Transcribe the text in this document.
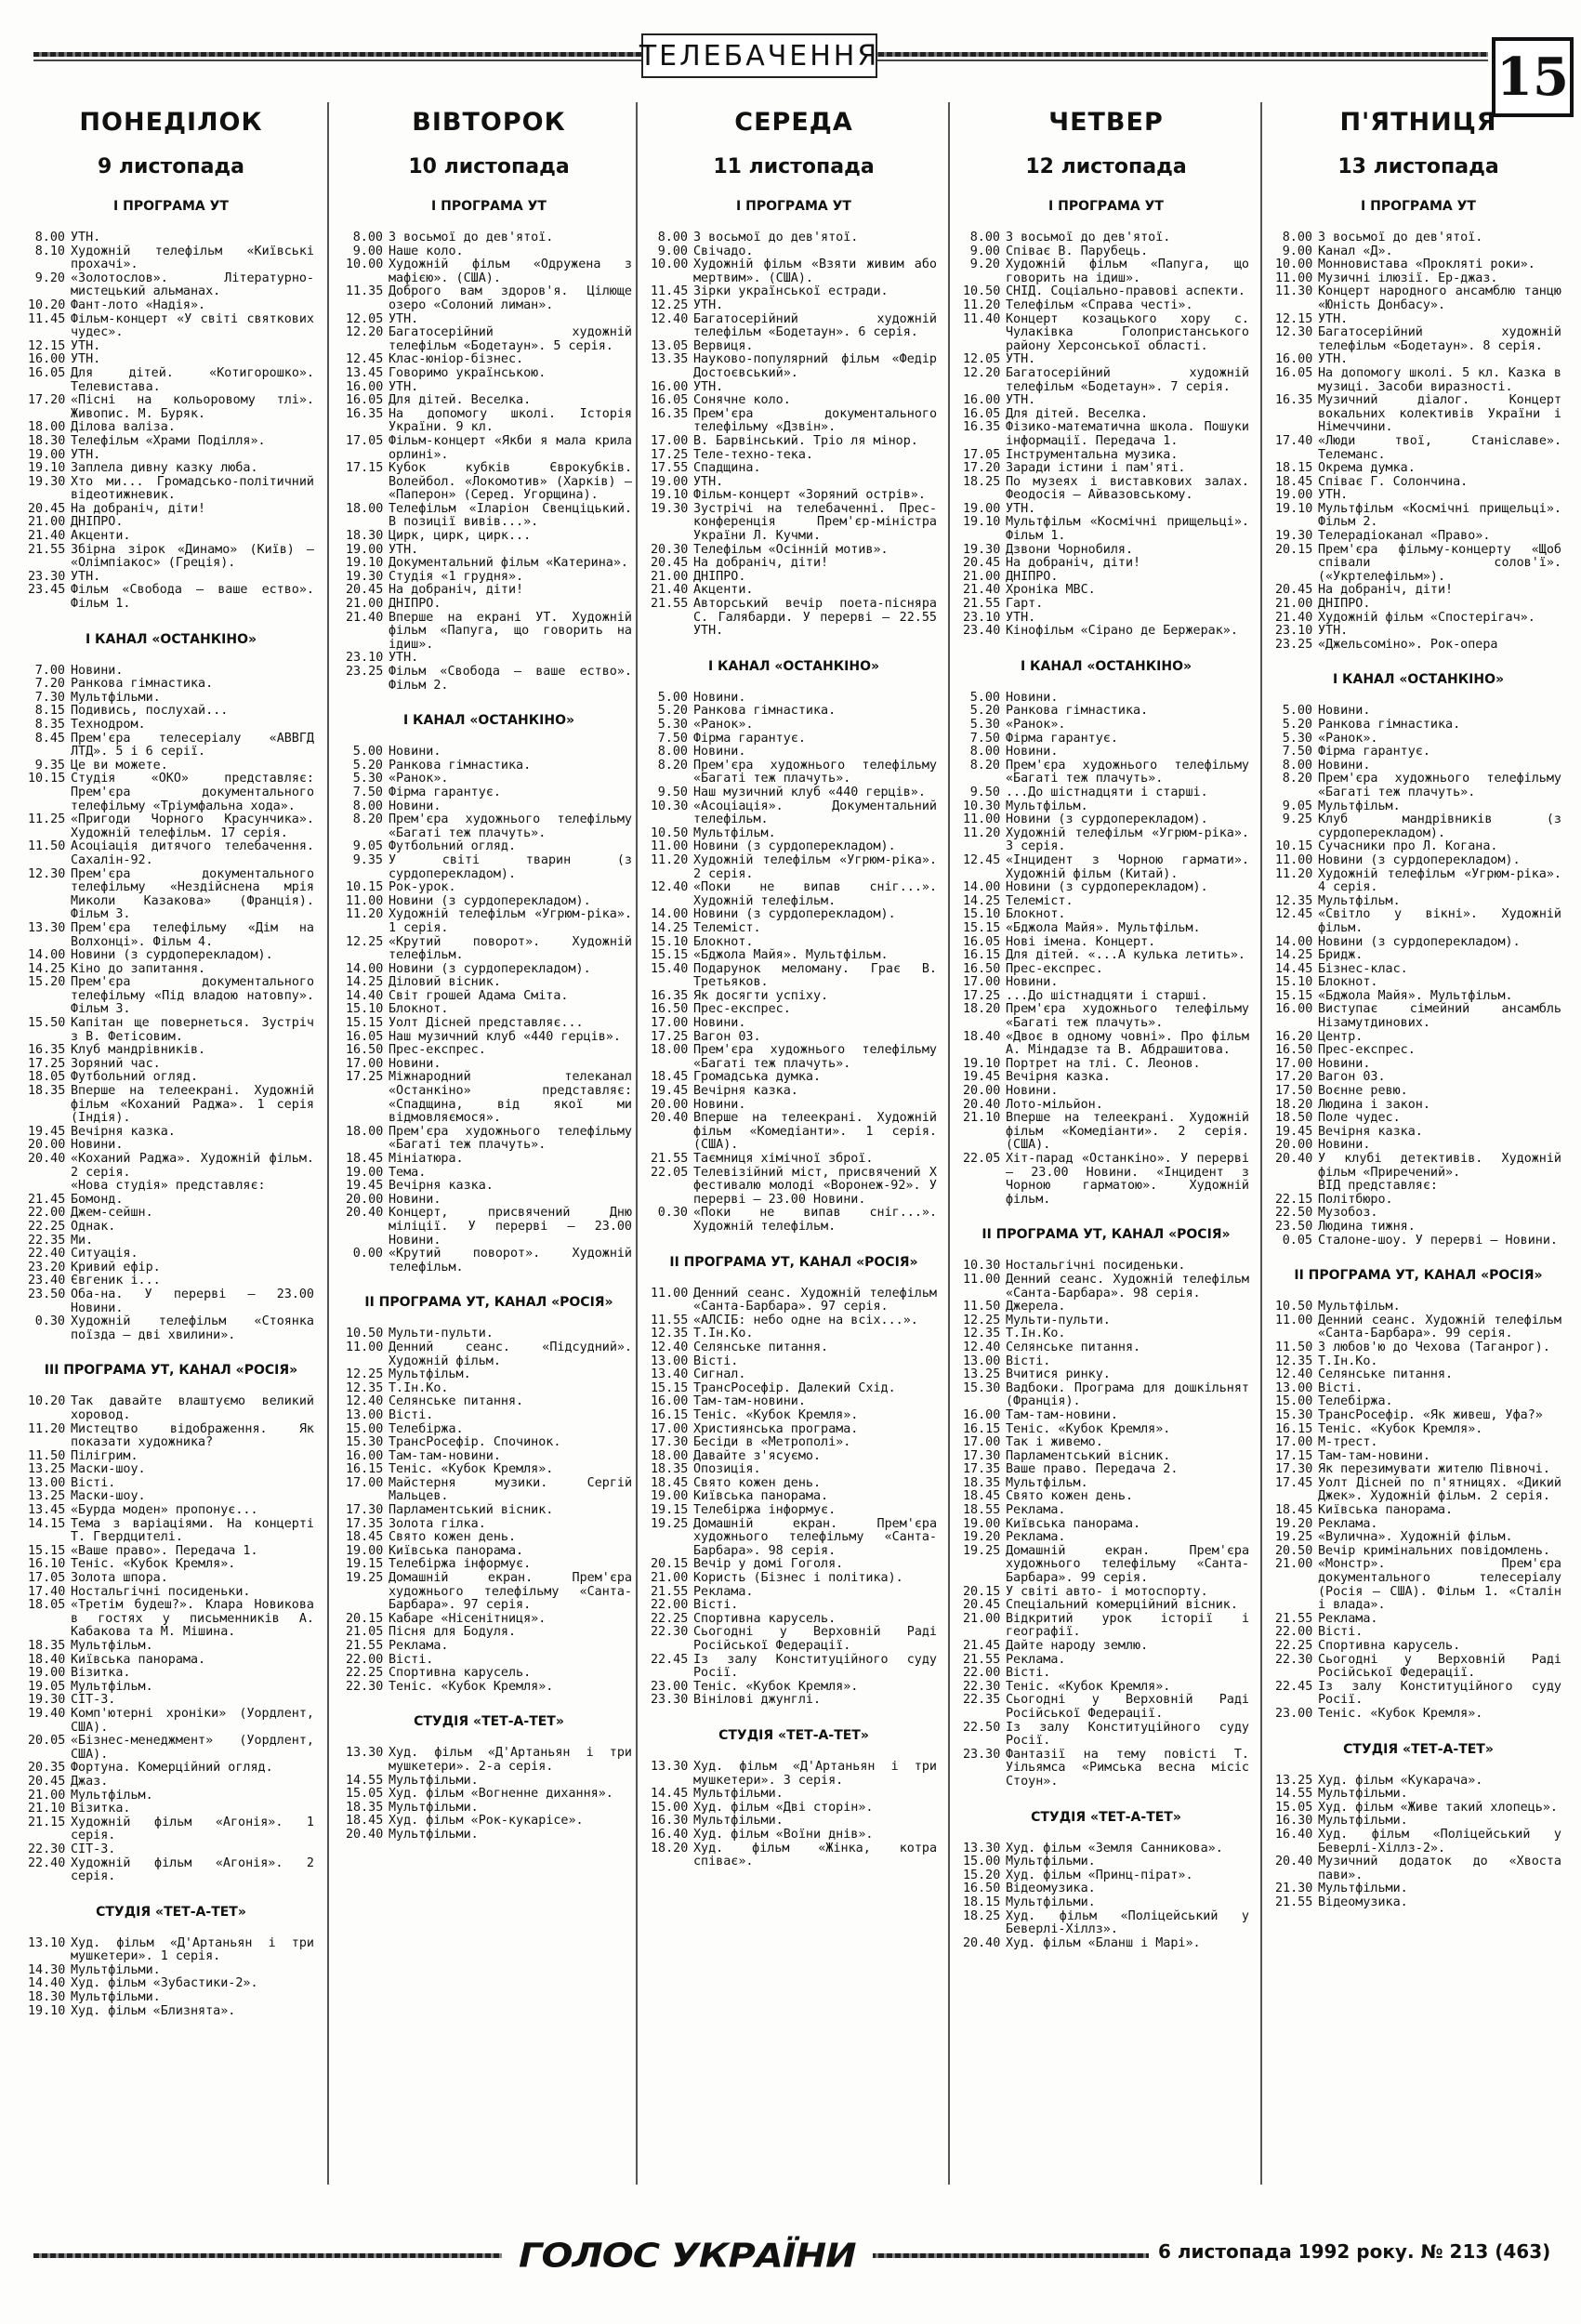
ТЕЛЕБАЧЕННЯ	15
ПОНЕДІЛОК
9 листопада
І ПРОГРАМА УТ
8.00 УТН.
8.10 Художній телефільм «Київські прохачі».
9.20 «Золотослов». Літературно-мистецький альманах.
10.20 Фант-лото «Надія».
11.45 Фільм-концерт «У світі святкових чудес».
12.15 УТН.
16.00 УТН.
16.05 Для дітей. «Котигорошко». Телевистава.
17.20 «Пісні на кольоровому тлі». Живопис. М. Буряк.
18.00 Ділова валіза.
18.30 Телефільм «Храми Поділля».
19.00 УТН.
19.10 Заплела дивну казку люба.
19.30 Хто ми... Громадсько-політичний відеотижневик.
20.45 На добраніч, діти!
21.00 ДНІПРО.
21.40 Акценти.
21.55 Збірна зірок «Динамо» (Київ) — «Олімпіакос» (Греція).
23.30 УТН.
23.45 Фільм «Свобода — ваше ество». Фільм 1.
І КАНАЛ «ОСТАНКІНО»
7.00 Новини.
7.20 Ранкова гімнастика.
7.30 Мультфільми.
8.15 Подивись, послухай...
8.35 Технодром.
8.45 Прем'єра телесеріалу «АВВГД ЛТД». 5 і 6 серії.
9.35 Це ви можете.
10.15 Студія «ОКО» представляє: Прем'єра документального телефільму «Тріумфальна хода».
11.25 «Пригоди Чорного Красунчика». Художній телефільм. 17 серія.
11.50 Асоціація дитячого телебачення. Сахалін-92.
12.30 Прем'єра документального телефільму «Нездійснена мрія Миколи Казакова» (Франція). Фільм 3.
13.30 Прем'єра телефільму «Дім на Волхонці». Фільм 4.
14.00 Новини (з сурдоперекладом).
14.25 Кіно до запитання.
15.20 Прем'єра документального телефільму «Під владою натовпу». Фільм 3.
15.50 Капітан ще повернеться. Зустріч з В. Фетісовим.
16.35 Клуб мандрівників.
17.25 Зоряний час.
18.05 Футбольний огляд.
18.35 Вперше на телеекрані. Художній фільм «Коханий Раджа». 1 серія (Індія).
19.45 Вечірня казка.
20.00 Новини.
20.40 «Коханий Раджа». Художній фільм. 2 серія.
«Нова студія» представляє:
21.45 Бомонд.
22.00 Джем-сейшн.
22.25 Однак.
22.35 Ми.
22.40 Ситуація.
23.20 Кривий ефір.
23.40 Євгеник і...
23.50 Оба-на. У перерві — 23.00 Новини.
0.30 Художній телефільм «Стоянка поїзда — дві хвилини».
ІІІ ПРОГРАМА УТ, КАНАЛ «РОСІЯ»
10.20 Так давайте влаштуємо великий хоровод.
11.20 Мистецтво відображення. Як показати художника?
11.50 Пілігрим.
13.25 Маски-шоу.
13.00 Вісті.
13.25 Маски-шоу.
13.45 «Бурда моден» пропонує...
14.15 Тема з варіаціями. На концерті Т. Гвердцителі.
15.15 «Ваше право». Передача 1.
16.10 Теніс. «Кубок Кремля».
17.05 Золота шпора.
17.40 Ностальгічні посиденьки.
18.05 «Третім будеш?». Клара Новикова в гостях у письменників А. Кабакова та М. Мішина.
18.35 Мультфільм.
18.40 Київська панорама.
19.00 Візитка.
19.05 Мультфільм.
19.30 СІТ-3.
19.40 Комп'ютерні хроніки» (Уордлент, США).
20.05 «Бізнес-менеджмент» (Уордлент, США).
20.35 Фортуна. Комерційний огляд.
20.45 Джаз.
21.00 Мультфільм.
21.10 Візитка.
21.15 Художній фільм «Агонія». 1 серія.
22.30 СІТ-3.
22.40 Художній фільм «Агонія». 2 серія.
СТУДІЯ «ТЕТ-А-ТЕТ»
13.10 Худ. фільм «Д'Артаньян і три мушкетери». 1 серія.
14.30 Мультфільми.
14.40 Худ. фільм «Зубастики-2».
18.30 Мультфільми.
19.10 Худ. фільм «Близнята».
ВІВТОРОК
10 листопада
І ПРОГРАМА УТ
8.00 З восьмої до дев'ятої.
9.00 Наше коло.
10.00 Художній фільм «Одружена з мафією». (США).
11.35 Доброго вам здоров'я. Цілюще озеро «Солоний лиман».
12.05 УТН.
12.20 Багатосерійний художній телефільм «Бодетаун». 5 серія.
12.45 Клас-юніор-бізнес.
13.45 Говоримо українською.
16.00 УТН.
16.05 Для дітей. Веселка.
16.35 На допомогу школі. Історія України. 9 кл.
17.05 Фільм-концерт «Якби я мала крила орлині».
17.15 Кубок кубків Єврокубків. Волейбол. «Локомотив» (Харків) — «Паперон» (Серед. Угорщина).
18.00 Телефільм «Іларіон Свенціцький. В позиції вивів...».
18.30 Цирк, цирк, цирк...
19.00 УТН.
19.10 Документальний фільм «Катерина».
19.30 Студія «1 грудня».
20.45 На добраніч, діти!
21.00 ДНІПРО.
21.40 Вперше на екрані УТ. Художній фільм «Папуга, що говорить на ідиш».
23.10 УТН.
23.25 Фільм «Свобода — ваше ество». Фільм 2.
І КАНАЛ «ОСТАНКІНО»
5.00 Новини.
5.20 Ранкова гімнастика.
5.30 «Ранок».
7.50 Фірма гарантує.
8.00 Новини.
8.20 Прем'єра художнього телефільму «Багаті теж плачуть».
9.05 Футбольний огляд.
9.35 У світі тварин (з сурдоперекладом).
10.15 Рок-урок.
11.00 Новини (з сурдоперекладом).
11.20 Художній телефільм «Угрюм-ріка». 1 серія.
12.25 «Крутий поворот». Художній телефільм.
14.00 Новини (з сурдоперекладом).
14.25 Діловий вісник.
14.40 Світ грошей Адама Сміта.
15.10 Блокнот.
15.15 Уолт Дісней представляє...
16.05 Наш музичний клуб «440 герців».
16.50 Прес-експрес.
17.00 Новини.
17.25 Міжнародний телеканал «Останкіно» представляє: «Спадщина, від якої ми відмовляємося».
18.00 Прем'єра художнього телефільму «Багаті теж плачуть».
18.45 Мініатюра.
19.00 Тема.
19.45 Вечірня казка.
20.00 Новини.
20.40 Концерт, присвячений Дню міліції. У перерві — 23.00 Новини.
0.00 «Крутий поворот». Художній телефільм.
ІІ ПРОГРАМА УТ, КАНАЛ «РОСІЯ»
10.50 Мульти-пульти.
11.00 Денний сеанс. «Підсудний». Художній фільм.
12.25 Мультфільм.
12.35 Т.Ін.Ко.
12.40 Селянське питання.
13.00 Вісті.
15.00 Телебіржа.
15.30 ТрансРосефір. Спочинок.
16.00 Там-там-новини.
16.15 Теніс. «Кубок Кремля».
17.00 Майстерня музики. Сергій Мальцев.
17.30 Парламентський вісник.
17.35 Золота гілка.
18.45 Свято кожен день.
19.00 Київська панорама.
19.15 Телебіржа інформує.
19.25 Домашній екран. Прем'єра художнього телефільму «Санта-Барбара». 97 серія.
20.15 Кабаре «Нісенітниця».
21.05 Пісня для Бодуля.
21.55 Реклама.
22.00 Вісті.
22.25 Спортивна карусель.
22.30 Теніс. «Кубок Кремля».
СТУДІЯ «ТЕТ-А-ТЕТ»
13.30 Худ. фільм «Д'Артаньян і три мушкетери». 2-а серія.
14.55 Мультфільми.
15.05 Худ. фільм «Вогненне дихання».
18.35 Мультфільми.
18.45 Худ. фільм «Рок-кукарісе».
20.40 Мультфільми.
СЕРЕДА
11 листопада
І ПРОГРАМА УТ
8.00 З восьмої до дев'ятої.
9.00 Свічадо.
10.00 Художній фільм «Взяти живим або мертвим». (США).
11.45 Зірки української естради.
12.25 УТН.
12.40 Багатосерійний художній телефільм «Бодетаун». 6 серія.
13.05 Вервиця.
13.35 Науково-популярний фільм «Федір Достоєвський».
16.00 УТН.
16.05 Сонячне коло.
16.35 Прем'єра документального телефільму «Дзвін».
17.00 В. Барвінський. Тріо ля мінор.
17.25 Теле-техно-тека.
17.55 Спадщина.
19.00 УТН.
19.10 Фільм-концерт «Зоряний острів».
19.30 Зустрічі на телебаченні. Прес-конференція Прем'єр-міністра України Л. Кучми.
20.30 Телефільм «Осінній мотив».
20.45 На добраніч, діти!
21.00 ДНІПРО.
21.40 Акценти.
21.55 Авторський вечір поета-пісняра С. Галябарди. У перерві — 22.55 УТН.
І КАНАЛ «ОСТАНКІНО»
5.00 Новини.
5.20 Ранкова гімнастика.
5.30 «Ранок».
7.50 Фірма гарантує.
8.00 Новини.
8.20 Прем'єра художнього телефільму «Багаті теж плачуть».
9.50 Наш музичний клуб «440 герців».
10.30 «Асоціація». Документальний телефільм.
10.50 Мультфільм.
11.00 Новини (з сурдоперекладом).
11.20 Художній телефільм «Угрюм-ріка». 2 серія.
12.40 «Поки не випав сніг...». Художній телефільм.
14.00 Новини (з сурдоперекладом).
14.25 Телеміст.
15.10 Блокнот.
15.15 «Бджола Майя». Мультфільм.
15.40 Подарунок меломану. Грає В. Третьяков.
16.35 Як досягти успіху.
16.50 Прес-експрес.
17.00 Новини.
17.25 Вагон 03.
18.00 Прем'єра художнього телефільму «Багаті теж плачуть».
18.45 Громадська думка.
19.45 Вечірня казка.
20.00 Новини.
20.40 Вперше на телеекрані. Художній фільм «Комедіанти». 1 серія. (США).
21.55 Таємниця хімічної зброї.
22.05 Телевізійний міст, присвячений Х фестивалю молоді «Воронеж-92». У перерві — 23.00 Новини.
0.30 «Поки не випав сніг...». Художній телефільм.
ІІ ПРОГРАМА УТ, КАНАЛ «РОСІЯ»
11.00 Денний сеанс. Художній телефільм «Санта-Барбара». 97 серія.
11.55 «АЛСІБ: небо одне на всіх...».
12.35 Т.Ін.Ко.
12.40 Селянське питання.
13.00 Вісті.
13.40 Сигнал.
15.15 ТрансРосефір. Далекий Схід.
16.00 Там-там-новини.
16.15 Теніс. «Кубок Кремля».
17.00 Християнська програма.
17.30 Бесіди в «Метрополі».
18.00 Давайте з'ясуємо.
18.35 Опозиція.
18.45 Свято кожен день.
19.00 Київська панорама.
19.15 Телебіржа інформує.
19.25 Домашній екран. Прем'єра художнього телефільму «Санта-Барбара». 98 серія.
20.15 Вечір у домі Гоголя.
21.00 Користь (Бізнес і політика).
21.55 Реклама.
22.00 Вісті.
22.25 Спортивна карусель.
22.30 Сьогодні у Верховній Раді Російської Федерації.
22.45 Із залу Конституційного суду Росії.
23.00 Теніс. «Кубок Кремля».
23.30 Вінілові джунглі.
СТУДІЯ «ТЕТ-А-ТЕТ»
13.30 Худ. фільм «Д'Артаньян і три мушкетери». 3 серія.
14.45 Мультфільми.
15.00 Худ. фільм «Дві сторін».
16.30 Мультфільми.
16.40 Худ. фільм «Воїни днів».
18.20 Худ. фільм «Жінка, котра співає».
ЧЕТВЕР
12 листопада
І ПРОГРАМА УТ
8.00 З восьмої до дев'ятої.
9.00 Співає В. Парубець.
9.20 Художній фільм «Папуга, що говорить на ідиш».
10.50 СНІД. Соціально-правові аспекти.
11.20 Телефільм «Справа честі».
11.40 Концерт козацького хору с. Чулаківка Голопристанського району Херсонської області.
12.05 УТН.
12.20 Багатосерійний художній телефільм «Бодетаун». 7 серія.
16.00 УТН.
16.05 Для дітей. Веселка.
16.35 Фізико-математична школа. Пошуки інформації. Передача 1.
17.05 Інструментальна музика.
17.20 Заради істини і пам'яті.
18.25 По музеях і виставкових залах. Феодосія — Айвазовському.
19.00 УТН.
19.10 Мультфільм «Космічні прищельці». Фільм 1.
19.30 Дзвони Чорнобиля.
20.45 На добраніч, діти!
21.00 ДНІПРО.
21.40 Хроніка МВС.
21.55 Гарт.
23.10 УТН.
23.40 Кінофільм «Сірано де Бержерак».
І КАНАЛ «ОСТАНКІНО»
5.00 Новини.
5.20 Ранкова гімнастика.
5.30 «Ранок».
7.50 Фірма гарантує.
8.00 Новини.
8.20 Прем'єра художнього телефільму «Багаті теж плачуть».
9.50 ...До шістнадцяти і старші.
10.30 Мультфільм.
11.00 Новини (з сурдоперекладом).
11.20 Художній телефільм «Угрюм-ріка». 3 серія.
12.45 «Інцидент з Чорною гармати». Художній фільм (Китай).
14.00 Новини (з сурдоперекладом).
14.25 Телеміст.
15.10 Блокнот.
15.15 «Бджола Майя». Мультфільм.
16.05 Нові імена. Концерт.
16.15 Для дітей. «...А кулька летить».
16.50 Прес-експрес.
17.00 Новини.
17.25 ...До шістнадцяти і старші.
18.20 Прем'єра художнього телефільму «Багаті теж плачуть».
18.40 «Двоє в одному човні». Про фільм А. Міндадзе та В. Абдрашитова.
19.10 Портрет на тлі. С. Леонов.
19.45 Вечірня казка.
20.00 Новини.
20.40 Лото-мільйон.
21.10 Вперше на телеекрані. Художній фільм «Комедіанти». 2 серія. (США).
22.05 Хіт-парад «Останкіно». У перерві — 23.00 Новини. «Інцидент з Чорною гарматою». Художній фільм.
ІІ ПРОГРАМА УТ, КАНАЛ «РОСІЯ»
10.30 Ностальгічні посиденьки.
11.00 Денний сеанс. Художній телефільм «Санта-Барбара». 98 серія.
11.50 Джерела.
12.25 Мульти-пульти.
12.35 Т.Ін.Ко.
12.40 Селянське питання.
13.00 Вісті.
13.25 Вчитися ринку.
15.30 Вадбоки. Програма для дошкільнят (Франція).
16.00 Там-там-новини.
16.15 Теніс. «Кубок Кремля».
17.00 Так і живемо.
17.30 Парламентський вісник.
17.35 Ваше право. Передача 2.
18.35 Мультфільм.
18.45 Свято кожен день.
18.55 Реклама.
19.00 Київська панорама.
19.20 Реклама.
19.25 Домашній екран. Прем'єра художнього телефільму «Санта-Барбара». 99 серія.
20.15 У світі авто- і мотоспорту.
20.45 Спеціальний комерційний вісник.
21.00 Відкритий урок історії і географії.
21.45 Дайте народу землю.
21.55 Реклама.
22.00 Вісті.
22.30 Теніс. «Кубок Кремля».
22.35 Сьогодні у Верховній Раді Російської Федерації.
22.50 Із залу Конституційного суду Росії.
23.30 Фантазії на тему повісті Т. Уільямса «Римська весна місіс Стоун».
СТУДІЯ «ТЕТ-А-ТЕТ»
13.30 Худ. фільм «Земля Санникова».
15.00 Мультфільми.
15.20 Худ. фільм «Принц-пірат».
16.50 Відеомузика.
18.15 Мультфільми.
18.25 Худ. фільм «Поліцейський у Беверлі-Хіллз».
20.40 Худ. фільм «Бланш і Марі».
П'ЯТНИЦЯ
13 листопада
І ПРОГРАМА УТ
8.00 З восьмої до дев'ятої.
9.00 Канал «Д».
10.00 Монновистава «Прокляті роки».
11.00 Музичні ілюзії. Ер-джаз.
11.30 Концерт народного ансамблю танцю «Юність Донбасу».
12.15 УТН.
12.30 Багатосерійний художній телефільм «Бодетаун». 8 серія.
16.00 УТН.
16.05 На допомогу школі. 5 кл. Казка в музиці. Засоби виразності.
16.35 Музичний діалог. Концерт вокальних колективів України і Німеччини.
17.40 «Люди твої, Станіславе». Телеманс.
18.15 Окрема думка.
18.45 Співає Г. Солончина.
19.00 УТН.
19.10 Мультфільм «Космічні прищельці». Фільм 2.
19.30 Телерадіоканал «Право».
20.15 Прем'єра фільму-концерту «Щоб співали солов'ї». («Укртелефільм»).
20.45 На добраніч, діти!
21.00 ДНІПРО.
21.40 Художній фільм «Спостерігач».
23.10 УТН.
23.25 «Джельсоміно». Рок-опера
І КАНАЛ «ОСТАНКІНО»
5.00 Новини.
5.20 Ранкова гімнастика.
5.30 «Ранок».
7.50 Фірма гарантує.
8.00 Новини.
8.20 Прем'єра художнього телефільму «Багаті теж плачуть».
9.05 Мультфільм.
9.25 Клуб мандрівників (з сурдоперекладом).
10.15 Сучасники про Л. Когана.
11.00 Новини (з сурдоперекладом).
11.20 Художній телефільм «Угрюм-ріка». 4 серія.
12.35 Мультфільм.
12.45 «Світло у вікні». Художній фільм.
14.00 Новини (з сурдоперекладом).
14.25 Бридж.
14.45 Бізнес-клас.
15.10 Блокнот.
15.15 «Бджола Майя». Мультфільм.
16.00 Виступає сімейний ансамбль Нізамутдинових.
16.20 Центр.
16.50 Прес-експрес.
17.00 Новини.
17.20 Вагон 03.
17.50 Воєнне ревю.
18.20 Людина і закон.
18.50 Поле чудес.
19.45 Вечірня казка.
20.00 Новини.
20.40 У клубі детективів. Художній фільм «Приречений».
ВІД представляє:
22.15 Політбюро.
22.50 Музобоз.
23.50 Людина тижня.
0.05 Сталоне-шоу. У перерві — Новини.
ІІ ПРОГРАМА УТ, КАНАЛ «РОСІЯ»
10.50 Мультфільм.
11.00 Денний сеанс. Художній телефільм «Санта-Барбара». 99 серія.
11.50 З любов'ю до Чехова (Таганрог).
12.35 Т.Ін.Ко.
12.40 Селянське питання.
13.00 Вісті.
15.00 Телебіржа.
15.30 ТрансРосефір. «Як живеш, Уфа?»
16.15 Теніс. «Кубок Кремля».
17.00 М-трест.
17.15 Там-там-новини.
17.30 Як перезимувати жителю Півночі.
17.45 Уолт Дісней по п'ятницях. «Дикий Джек». Художній фільм. 2 серія.
18.45 Київська панорама.
19.20 Реклама.
19.25 «Вулична». Художній фільм.
20.50 Вечір кримінальних повідомлень.
21.00 «Монстр». Прем'єра документального телесеріалу (Росія — США). Фільм 1. «Сталін і влада».
21.55 Реклама.
22.00 Вісті.
22.25 Спортивна карусель.
22.30 Сьогодні у Верховній Раді Російської Федерації.
22.45 Із залу Конституційного суду Росії.
23.00 Теніс. «Кубок Кремля».
СТУДІЯ «ТЕТ-А-ТЕТ»
13.25 Худ. фільм «Кукарача».
14.55 Мультфільми.
15.05 Худ. фільм «Живе такий хлопець».
16.30 Мультфільми.
16.40 Худ. фільм «Поліцейський у Беверлі-Хіллз-2».
20.40 Музичний додаток до «Хвоста пави».
21.30 Мультфільми.
21.55 Відеомузика.
ГОЛОС УКРАЇНИ	6 листопада 1992 року. № 213 (463)
